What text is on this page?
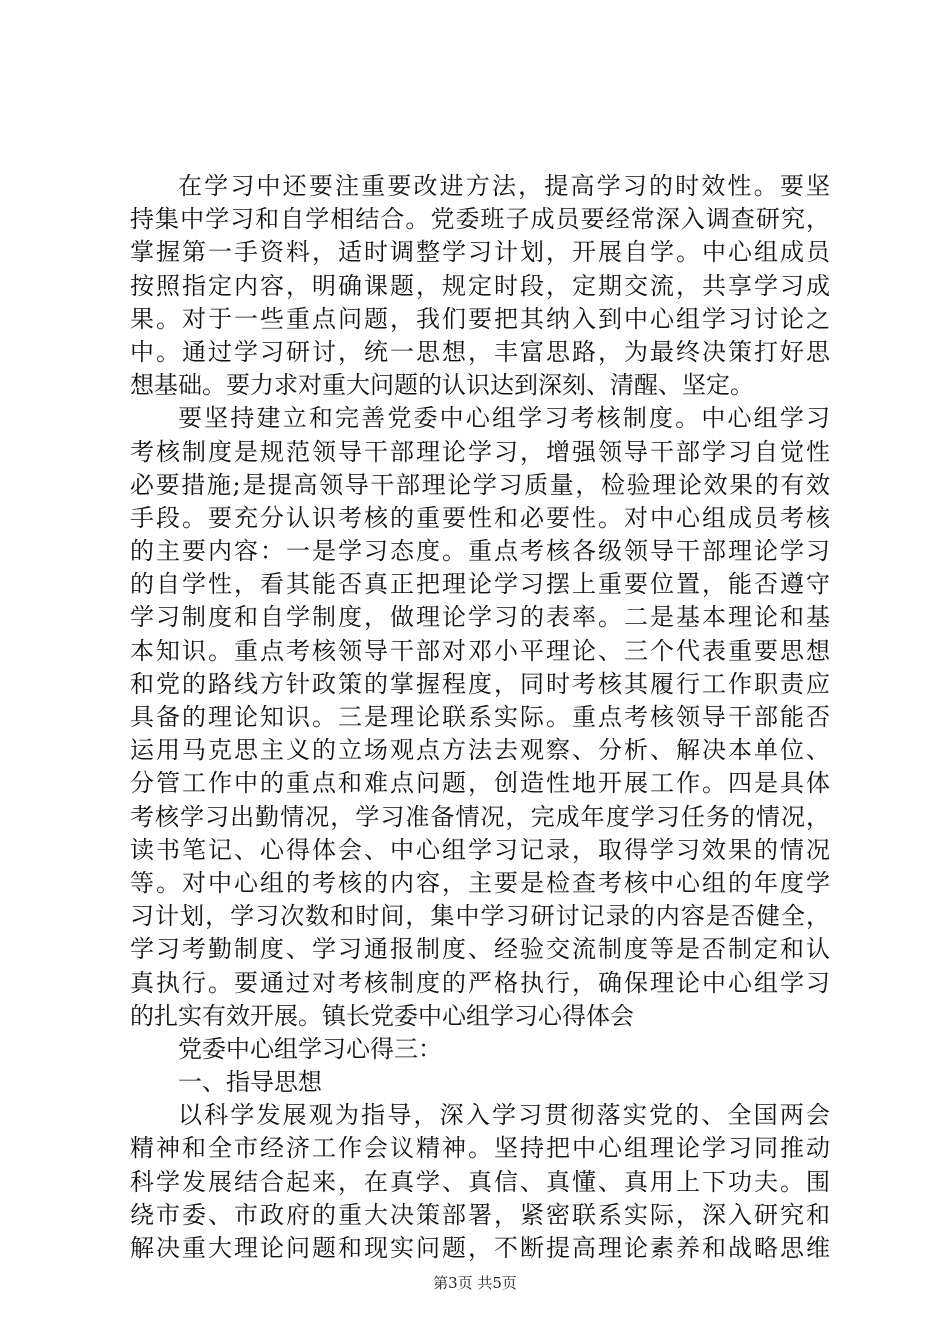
在学习中还要注重要改进方法，提高学习的时效性。要坚
持集中学习和自学相结合。党委班子成员要经常深入调查研究，
掌握第一手资料，适时调整学习计划，开展自学。中心组成员
按照指定内容，明确课题，规定时段，定期交流，共享学习成
果。对于一些重点问题，我们要把其纳入到中心组学习讨论之
中。通过学习研讨，统一思想，丰富思路，为最终决策打好思
想基础。要力求对重大问题的认识达到深刻、清醒、坚定。
要坚持建立和完善党委中心组学习考核制度。中心组学习
考核制度是规范领导干部理论学习，增强领导干部学习自觉性
必要措施;是提高领导干部理论学习质量，检验理论效果的有效
手段。要充分认识考核的重要性和必要性。对中心组成员考核
的主要内容：一是学习态度。重点考核各级领导干部理论学习
的自学性，看其能否真正把理论学习摆上重要位置，能否遵守
学习制度和自学制度，做理论学习的表率。二是基本理论和基
本知识。重点考核领导干部对邓小平理论、三个代表重要思想
和党的路线方针政策的掌握程度，同时考核其履行工作职责应
具备的理论知识。三是理论联系实际。重点考核领导干部能否
运用马克思主义的立场观点方法去观察、分析、解决本单位、
分管工作中的重点和难点问题，创造性地开展工作。四是具体
考核学习出勤情况，学习准备情况，完成年度学习任务的情况，
读书笔记、心得体会、中心组学习记录，取得学习效果的情况
等。对中心组的考核的内容，主要是检查考核中心组的年度学
习计划，学习次数和时间，集中学习研讨记录的内容是否健全，
学习考勤制度、学习通报制度、经验交流制度等是否制定和认
真执行。要通过对考核制度的严格执行，确保理论中心组学习
的扎实有效开展。镇长党委中心组学习心得体会
党委中心组学习心得三：
一、指导思想
以科学发展观为指导，深入学习贯彻落实党的、全国两会
精神和全市经济工作会议精神。坚持把中心组理论学习同推动
科学发展结合起来，在真学、真信、真懂、真用上下功夫。围
绕市委、市政府的重大决策部署，紧密联系实际，深入研究和
解决重大理论问题和现实问题，不断提高理论素养和战略思维
第3页 共5页
